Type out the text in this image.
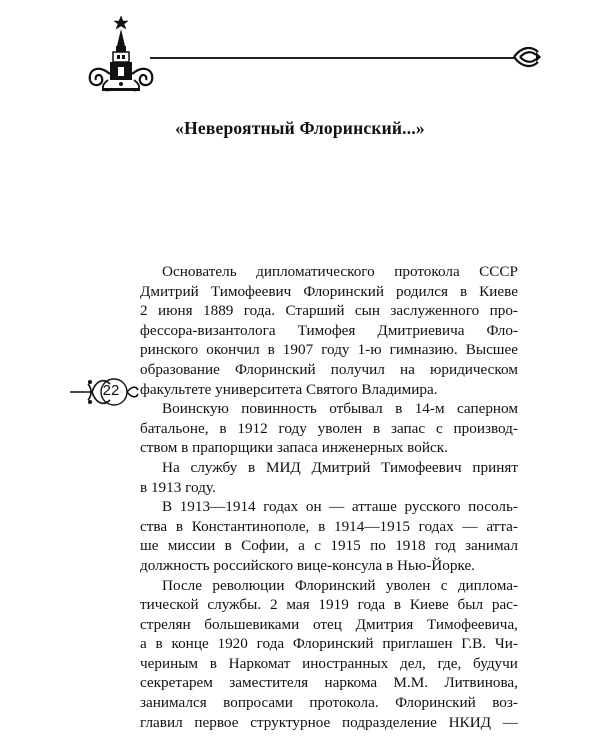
«Невероятный Флоринский...»
22
Основатель дипломатического протокола СССР
Дмитрий Тимофеевич Флоринский родился в Киеве
2 июня 1889 года. Старший сын заслуженного про-
фессора-византолога Тимофея Дмитриевича Фло-
ринского окончил в 1907 году 1-ю гимназию. Высшее
образование Флоринский получил на юридическом
факультете университета Святого Владимира.
Воинскую повинность отбывал в 14-м саперном
батальоне, в 1912 году уволен в запас с производ-
ством в прапорщики запаса инженерных войск.
На службу в МИД Дмитрий Тимофеевич принят
в 1913 году.
В 1913—1914 годах он — атташе русского посоль-
ства в Константинополе, в 1914—1915 годах — атта-
ше миссии в Софии, а с 1915 по 1918 год занимал
должность российского вице-консула в Нью-Йорке.
После революции Флоринский уволен с диплома-
тической службы. 2 мая 1919 года в Киеве был рас-
стрелян большевиками отец Дмитрия Тимофеевича,
а в конце 1920 года Флоринский приглашен Г.В. Чи-
чериным в Наркомат иностранных дел, где, будучи
секретарем заместителя наркома М.М. Литвинова,
занимался вопросами протокола. Флоринский воз-
главил первое структурное подразделение НКИД —
